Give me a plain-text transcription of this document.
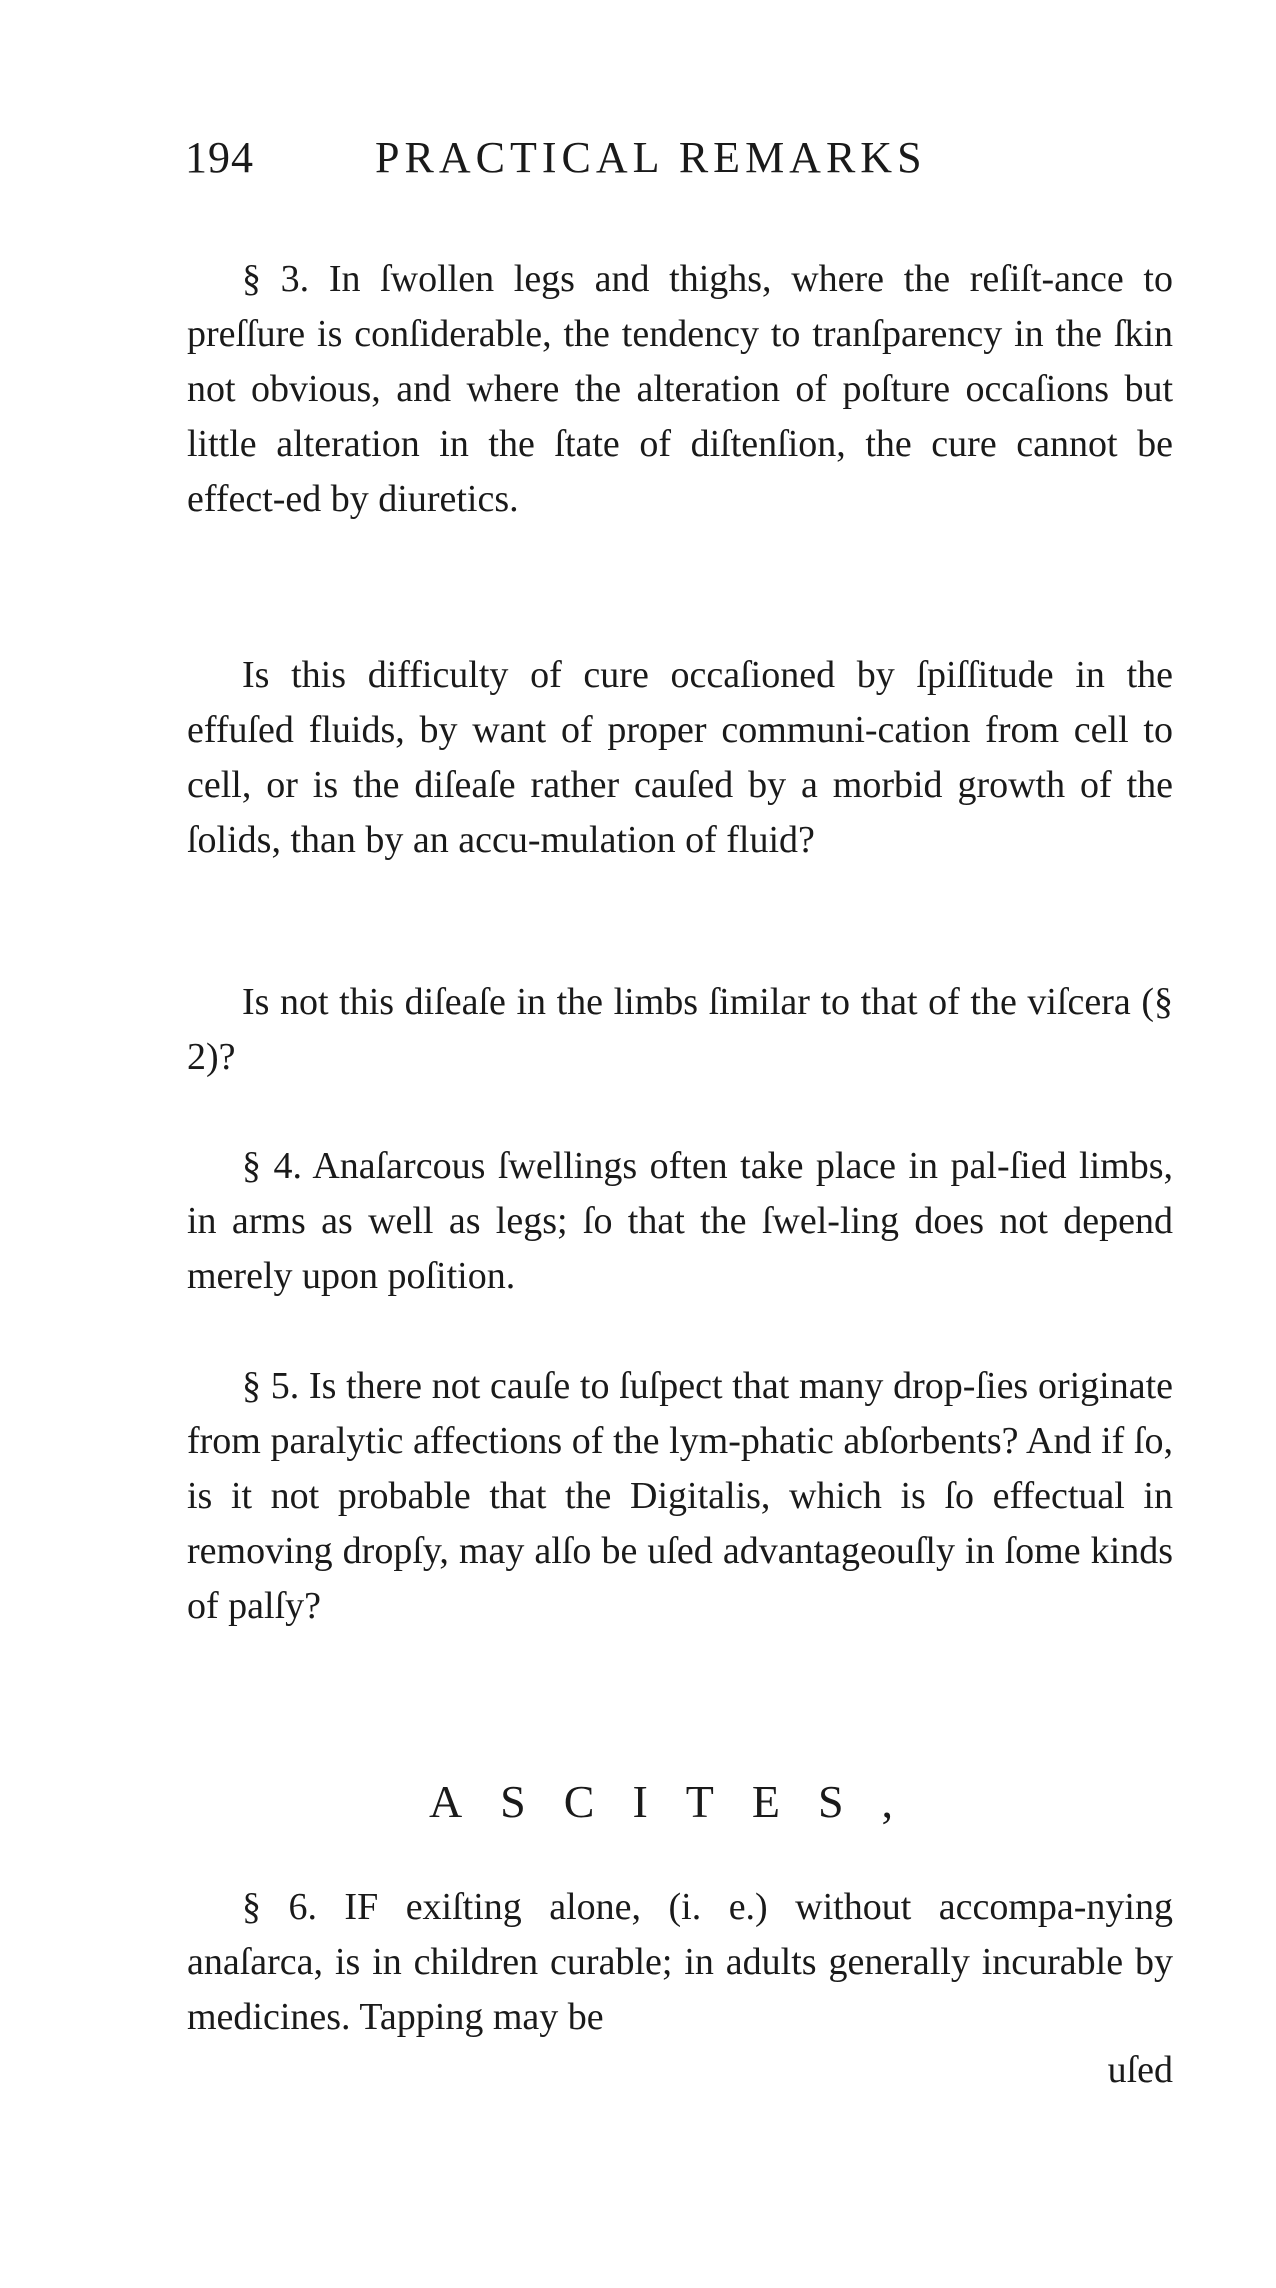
194	PRACTICAL REMARKS

§ 3. In ſwollen legs and thighs, where the reſiſt-ance to preſſure is conſiderable, the tendency to tranſparency in the ſkin not obvious, and where the alteration of poſture occaſions but little alteration in the ſtate of diſtenſion, the cure cannot be effect-ed by diuretics.

Is this difficulty of cure occaſioned by ſpiſſitude in the effuſed fluids, by want of proper communi-cation from cell to cell, or is the diſeaſe rather cauſed by a morbid growth of the ſolids, than by an accu-mulation of fluid?

Is not this diſeaſe in the limbs ſimilar to that of the viſcera (§ 2)?

§ 4. Anaſarcous ſwellings often take place in pal-ſied limbs, in arms as well as legs; ſo that the ſwel-ling does not depend merely upon poſition.

§ 5. Is there not cauſe to ſuſpect that many drop-ſies originate from paralytic affections of the lym-phatic abſorbents? And if ſo, is it not probable that the Digitalis, which is ſo effectual in removing dropſy, may alſo be uſed advantageouſly in ſome kinds of palſy?

ASCITES,

§ 6. IF exiſting alone, (i. e.) without accompa-nying anaſarca, is in children curable; in adults generally incurable by medicines. Tapping may be

uſed
